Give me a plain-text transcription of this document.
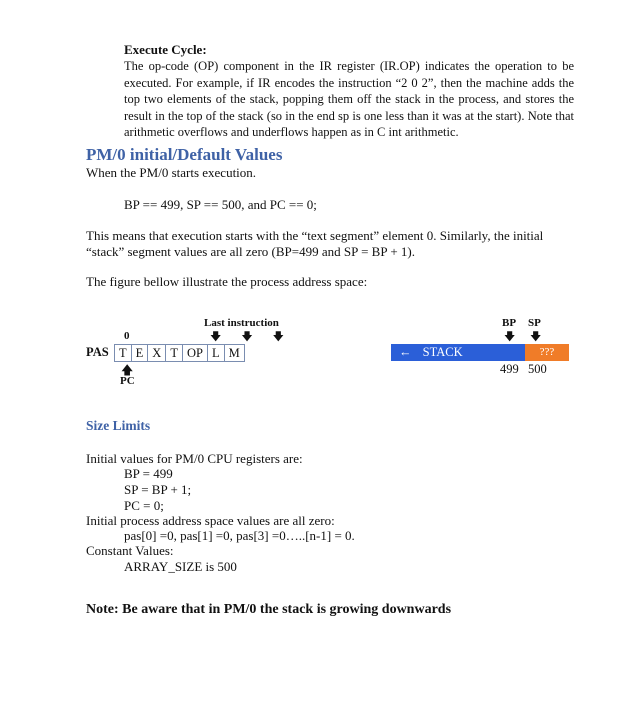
Execute Cycle:
The op-code (OP) component in the IR register (IR.OP) indicates the operation to be executed. For example, if IR encodes the instruction “2 0 2”, then the machine adds the top two elements of the stack, popping them off the stack in the process, and stores the result in the top of the stack (so in the end sp is one less than it was at the start). Note that arithmetic overflows and underflows happen as in C int arithmetic.
PM/0 initial/Default Values
When the PM/0 starts execution.
BP == 499, SP == 500, and PC == 0;
This means that execution starts with the “text segment” element 0. Similarly, the initial
“stack” segment values are all zero (BP=499 and SP = BP + 1).
The figure bellow illustrate the process address space:
Last instruction
🡇🡇🡇
0
PAS T	E	X	T	OP	L	M	← STACK	???
BP SP
🡇 🡇
499 500
🡅
PC
Size Limits
Initial values for PM/0 CPU registers are:
BP = 499
SP = BP + 1;
PC = 0;
Initial process address space values are all zero:
pas[0] =0, pas[1] =0, pas[3] =0…..[n-1] = 0.
Constant Values:
ARRAY_SIZE is 500
Note: Be aware that in PM/0 the stack is growing downwards
